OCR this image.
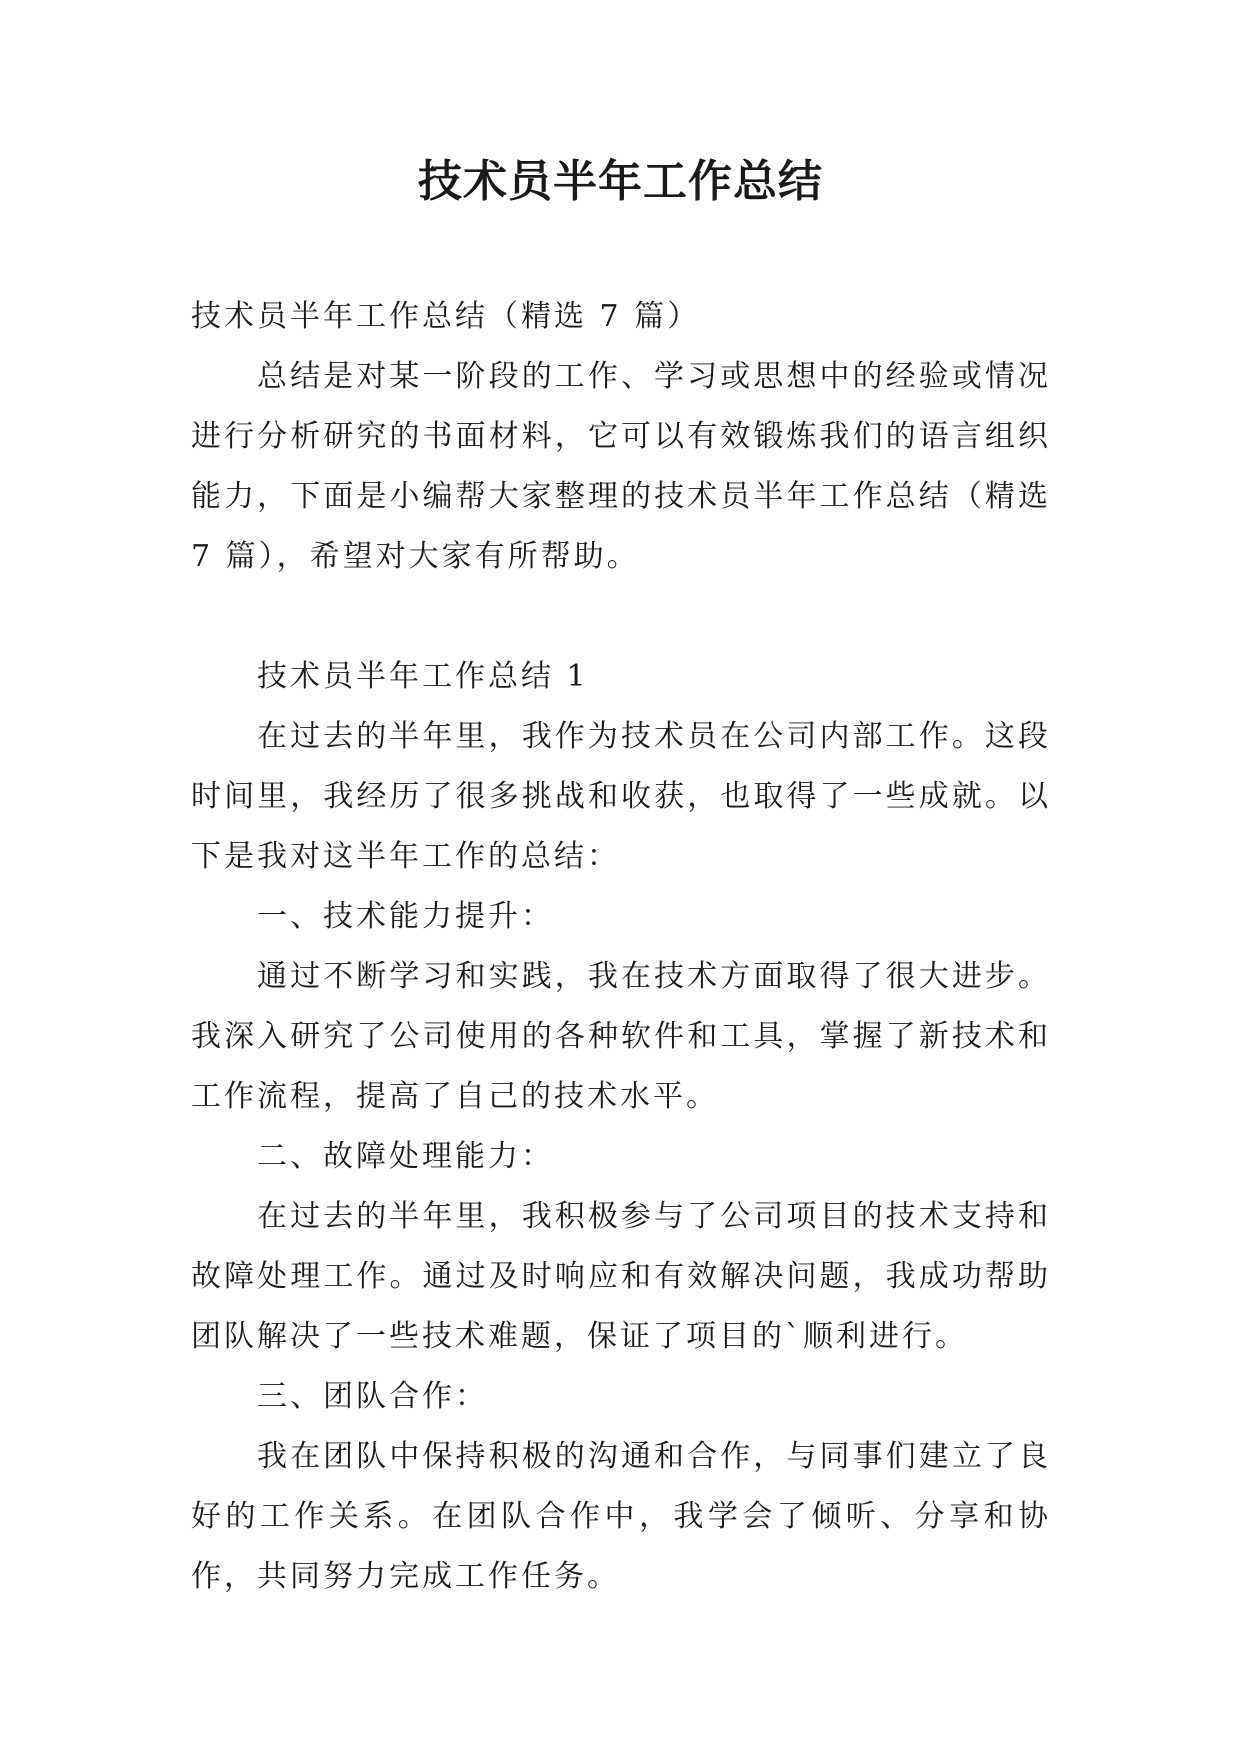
技术员半年工作总结

技术员半年工作总结（精选 7 篇）

总结是对某一阶段的工作、学习或思想中的经验或情况进行分析研究的书面材料，它可以有效锻炼我们的语言组织能力，下面是小编帮大家整理的技术员半年工作总结（精选 7 篇），希望对大家有所帮助。

技术员半年工作总结 1

在过去的半年里，我作为技术员在公司内部工作。这段时间里，我经历了很多挑战和收获，也取得了一些成就。以下是我对这半年工作的总结：

一、技术能力提升：

通过不断学习和实践，我在技术方面取得了很大进步。我深入研究了公司使用的各种软件和工具，掌握了新技术和工作流程，提高了自己的技术水平。

二、故障处理能力：

在过去的半年里，我积极参与了公司项目的技术支持和故障处理工作。通过及时响应和有效解决问题，我成功帮助团队解决了一些技术难题，保证了项目的`顺利进行。

三、团队合作：

我在团队中保持积极的沟通和合作，与同事们建立了良好的工作关系。在团队合作中，我学会了倾听、分享和协作，共同努力完成工作任务。
